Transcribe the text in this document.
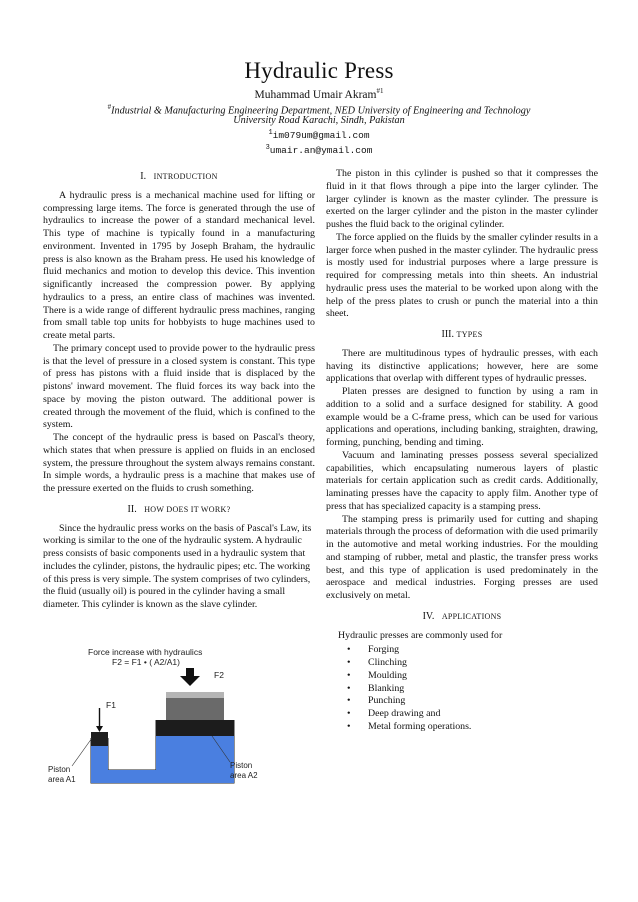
Hydraulic Press
Muhammad Umair Akram$^{\#1}$
#Industrial & Manufacturing Engineering Department, NED University of Engineering and Technology
University Road Karachi, Sindh, Pakistan
$^1$im079um@gmail.com
$^3$umair.an@ymail.com

I. INTRODUCTION

A hydraulic press is a mechanical machine used for lifting or compressing large items. The force is generated through the use of hydraulics to increase the power of a standard mechanical level. This type of machine is typically found in a manufacturing environment. Invented in 1795 by Joseph Braham, the hydraulic press is also known as the Braham press. He used his knowledge of fluid mechanics and motion to develop this device. This invention significantly increased the compression power. By applying hydraulics to a press, an entire class of machines was invented. There is a wide range of different hydraulic press machines, ranging from small table top units for hobbyists to huge machines used to create metal parts.

The primary concept used to provide power to the hydraulic press is that the level of pressure in a closed system is constant. This type of press has pistons with a fluid inside that is displaced by the pistons' inward movement. The fluid forces its way back into the space by moving the piston outward. The additional power is created through the movement of the fluid, which is confined to the system.

The concept of the hydraulic press is based on Pascal's theory, which states that when pressure is applied on fluids in an enclosed system, the pressure throughout the system always remains constant. In simple words, a hydraulic press is a machine that makes use of the pressure exerted on the fluids to crush something.

II. HOW DOES IT WORK?

Since the hydraulic press works on the basis of Pascal's Law, its working is similar to the one of the hydraulic system. A hydraulic press consists of basic components used in a hydraulic system that includes the cylinder, pistons, the hydraulic pipes; etc. The working of this press is very simple. The system comprises of two cylinders, the fluid (usually oil) is poured in the cylinder having a small diameter. This cylinder is known as the slave cylinder.

Force increase with hydraulics
F2 = F1 • ( A2/A1)
F1
F2
Piston
area A1
Piston
area A2

The piston in this cylinder is pushed so that it compresses the fluid in it that flows through a pipe into the larger cylinder. The larger cylinder is known as the master cylinder. The pressure is exerted on the larger cylinder and the piston in the master cylinder pushes the fluid back to the original cylinder.

The force applied on the fluids by the smaller cylinder results in a larger force when pushed in the master cylinder. The hydraulic press is mostly used for industrial purposes where a large pressure is required for compressing metals into thin sheets. An industrial hydraulic press uses the material to be worked upon along with the help of the press plates to crush or punch the material into a thin sheet.

III. TYPES

There are multitudinous types of hydraulic presses, with each having its distinctive applications; however, here are some applications that overlap with different types of hydraulic presses.

Platen presses are designed to function by using a ram in addition to a solid and a surface designed for stability. A good example would be a C-frame press, which can be used for various applications and operations, including banking, straighten, drawing, forming, punching, bending and timing.

Vacuum and laminating presses possess several specialized capabilities, which encapsulating numerous layers of plastic materials for certain application such as credit cards. Additionally, laminating presses have the capacity to apply film. Another type of press that has specialized capacity is a stamping press.

The stamping press is primarily used for cutting and shaping materials through the process of deformation with die used primarily in the automotive and metal working industries. For the moulding and stamping of rubber, metal and plastic, the transfer press works best, and this type of application is used predominately in the aerospace and medical industries. Forging presses are used exclusively on metal.

IV. APPLICATIONS

Hydraulic presses are commonly used for

• Forging
• Clinching
• Moulding
• Blanking
• Punching
• Deep drawing and
• Metal forming operations.
